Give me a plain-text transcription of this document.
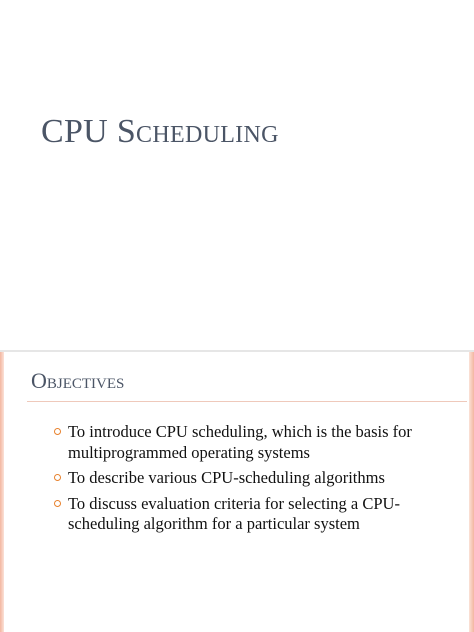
CPU Scheduling
Objectives
To introduce CPU scheduling, which is the basis for multiprogrammed operating systems
To describe various CPU-scheduling algorithms
To discuss evaluation criteria for selecting a CPU-scheduling algorithm for a particular system
